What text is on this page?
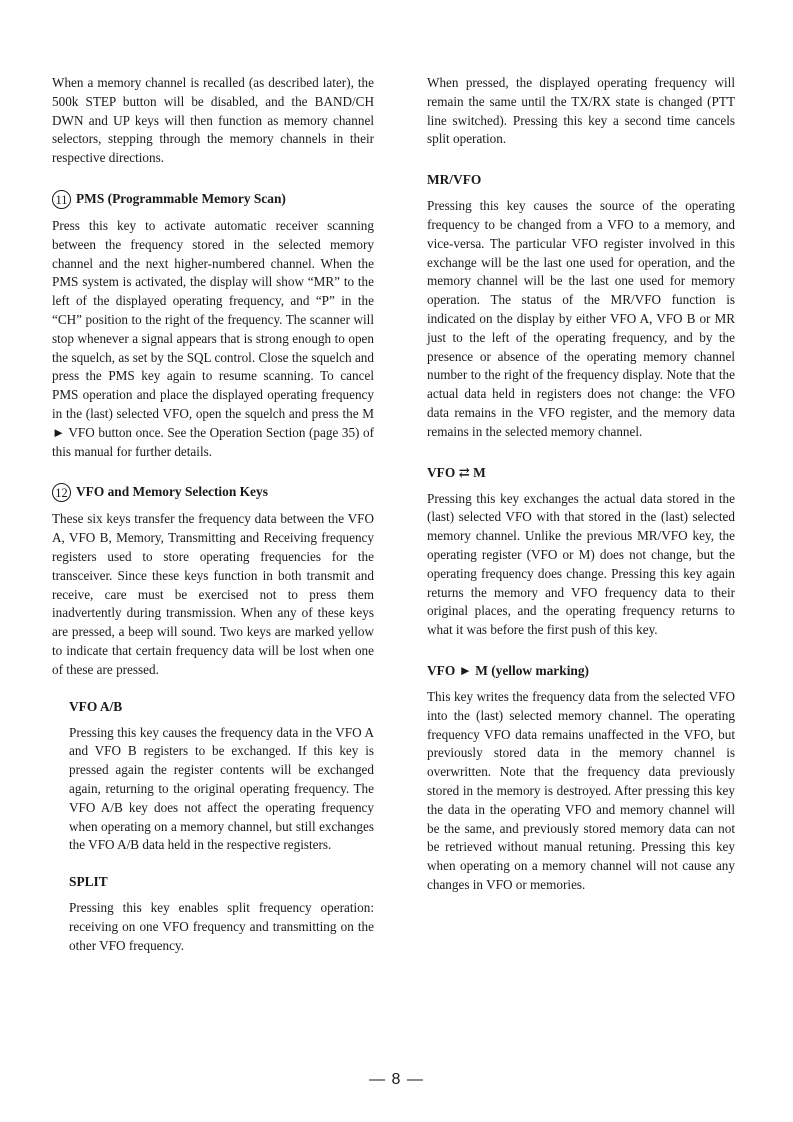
When a memory channel is recalled (as described later), the 500k STEP button will be disabled, and the BAND/CH DWN and UP keys will then function as memory channel selectors, stepping through the memory channels in their respective directions.

11 PMS (Programmable Memory Scan)

Press this key to activate automatic receiver scanning between the frequency stored in the selected memory channel and the next higher-numbered channel. When the PMS system is activated, the display will show “MR” to the left of the displayed operating frequency, and “P” in the “CH” position to the right of the frequency. The scanner will stop whenever a signal appears that is strong enough to open the squelch, as set by the SQL control. Close the squelch and press the PMS key again to resume scanning. To cancel PMS operation and place the displayed operating frequency in the (last) selected VFO, open the squelch and press the M ► VFO button once. See the Operation Section (page 35) of this manual for further details.

12 VFO and Memory Selection Keys

These six keys transfer the frequency data between the VFO A, VFO B, Memory, Transmitting and Receiving frequency registers used to store operating frequencies for the transceiver. Since these keys function in both transmit and receive, care must be exercised not to press them inadvertently during transmission. When any of these keys are pressed, a beep will sound. Two keys are marked yellow to indicate that certain frequency data will be lost when one of these are pressed.

VFO A/B

Pressing this key causes the frequency data in the VFO A and VFO B registers to be exchanged. If this key is pressed again the register contents will be exchanged again, returning to the original operating frequency. The VFO A/B key does not affect the operating frequency when operating on a memory channel, but still exchanges the VFO A/B data held in the respective registers.

SPLIT

Pressing this key enables split frequency operation: receiving on one VFO frequency and transmitting on the other VFO frequency.

When pressed, the displayed operating frequency will remain the same until the TX/RX state is changed (PTT line switched). Pressing this key a second time cancels split operation.

MR/VFO

Pressing this key causes the source of the operating frequency to be changed from a VFO to a memory, and vice-versa. The particular VFO register involved in this exchange will be the last one used for operation, and the memory channel will be the last one used for memory operation. The status of the MR/VFO function is indicated on the display by either VFO A, VFO B or MR just to the left of the operating frequency, and by the presence or absence of the operating memory channel number to the right of the frequency display. Note that the actual data held in registers does not change: the VFO data remains in the VFO register, and the memory data remains in the selected memory channel.

VFO ⇄ M

Pressing this key exchanges the actual data stored in the (last) selected VFO with that stored in the (last) selected memory channel. Unlike the previous MR/VFO key, the operating register (VFO or M) does not change, but the operating frequency does change. Pressing this key again returns the memory and VFO frequency data to their original places, and the operating frequency returns to what it was before the first push of this key.

VFO ► M (yellow marking)

This key writes the frequency data from the selected VFO into the (last) selected memory channel. The operating frequency VFO data remains unaffected in the VFO, but previously stored data in the memory channel is overwritten. Note that the frequency data previously stored in the memory is destroyed. After pressing this key the data in the operating VFO and memory channel will be the same, and previously stored memory data can not be retrieved without manual retuning. Pressing this key when operating on a memory channel will not cause any changes in VFO or memories.

— 8 —
